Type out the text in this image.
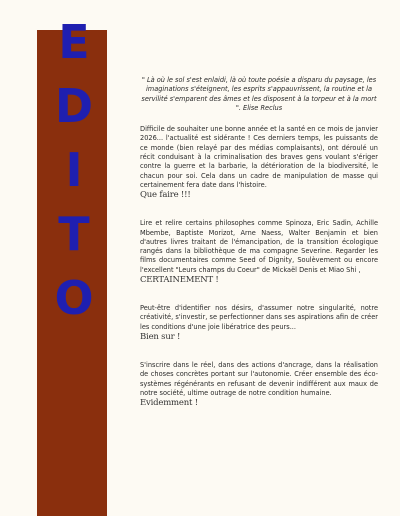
E
D
I
T
O

" Là où le sol s'est enlaidi, là où toute poésie a disparu du paysage, les imaginations s'éteignent, les esprits s'appauvrissent, la routine et la servilité s'emparent des âmes et les disposent à la torpeur et à la mort ". Elise Reclus

Difficile de souhaiter une bonne année et la santé en ce mois de janvier 2026... l'actualité est sidérante ! Ces derniers temps, les puissants de ce monde (bien relayé par des médias complaisants), ont déroulé un récit conduisant à la criminalisation des braves gens voulant s'ériger contre la guerre et la barbarie, la détérioration de la biodiversité, le chacun pour soi. Cela dans un cadre de manipulation de masse qui certainement fera date dans l'histoire.

Que faire !!!

Lire et relire certains philosophes comme Spinoza, Eric Sadin, Achille Mbembe, Baptiste Morizot, Arne Naess, Walter Benjamin et bien d'autres livres traitant de l'émancipation, de la transition écologique rangés dans la bibliothèque de ma compagne Severine. Regarder les films documentaires comme Seed of Dignity, Soulèvement ou encore l'excellent "Leurs champs du Coeur" de Mickaël Denis et Miao Shi ,

CERTAINEMENT !

Peut-être d'identifier nos désirs, d'assumer notre singularité, notre créativité, s'investir, se perfectionner dans ses aspirations afin de créer les conditions d'une joie libératrice des peurs...

Bien sur !

S'inscrire dans le réel, dans des actions d'ancrage, dans la réalisation de choses concrètes portant sur l'autonomie. Créer ensemble des éco-systèmes régénérants en refusant de devenir indifférent aux maux de notre société, ultime outrage de notre condition humaine.

Evidemment !
